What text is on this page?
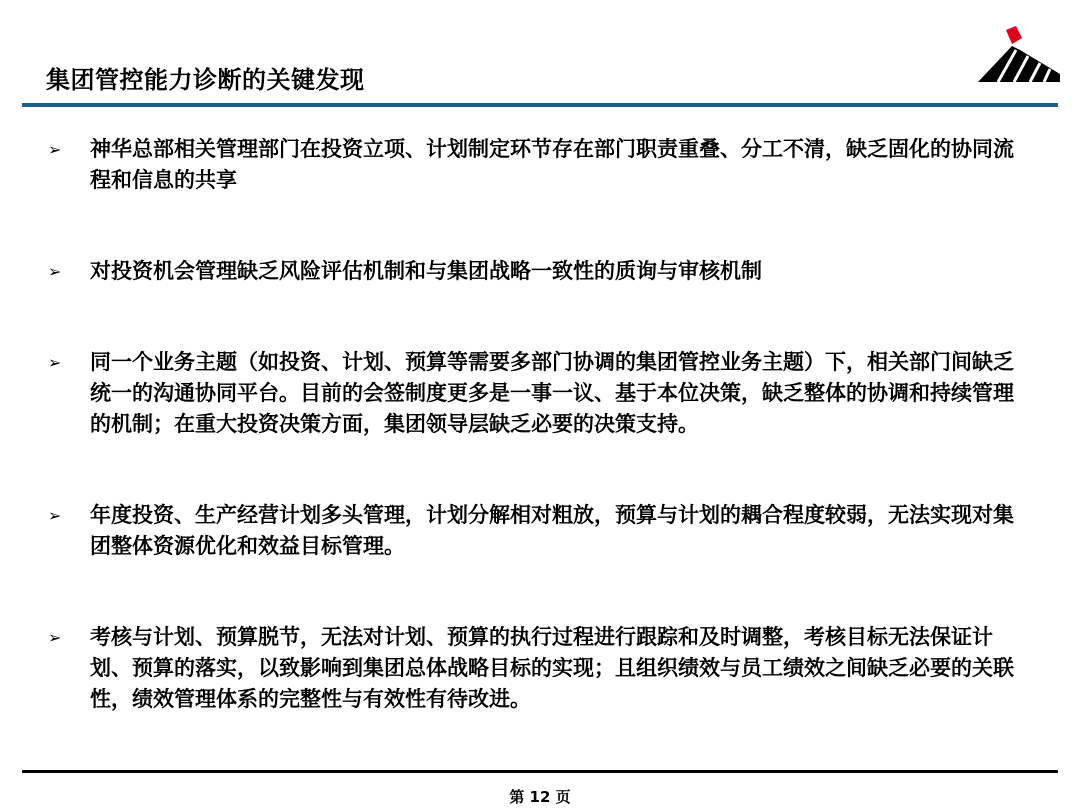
集团管控能力诊断的关键发现
➢ 神华总部相关管理部门在投资立项、计划制定环节存在部门职责重叠、分工不清，缺乏固化的协同流程和信息的共享
➢ 对投资机会管理缺乏风险评估机制和与集团战略一致性的质询与审核机制
➢ 同一个业务主题（如投资、计划、预算等需要多部门协调的集团管控业务主题）下，相关部门间缺乏统一的沟通协同平台。目前的会签制度更多是一事一议、基于本位决策，缺乏整体的协调和持续管理的机制；在重大投资决策方面，集团领导层缺乏必要的决策支持。
➢ 年度投资、生产经营计划多头管理，计划分解相对粗放，预算与计划的耦合程度较弱，无法实现对集团整体资源优化和效益目标管理。
➢ 考核与计划、预算脱节，无法对计划、预算的执行过程进行跟踪和及时调整，考核目标无法保证计划、预算的落实，以致影响到集团总体战略目标的实现；且组织绩效与员工绩效之间缺乏必要的关联性，绩效管理体系的完整性与有效性有待改进。
第 12 页
